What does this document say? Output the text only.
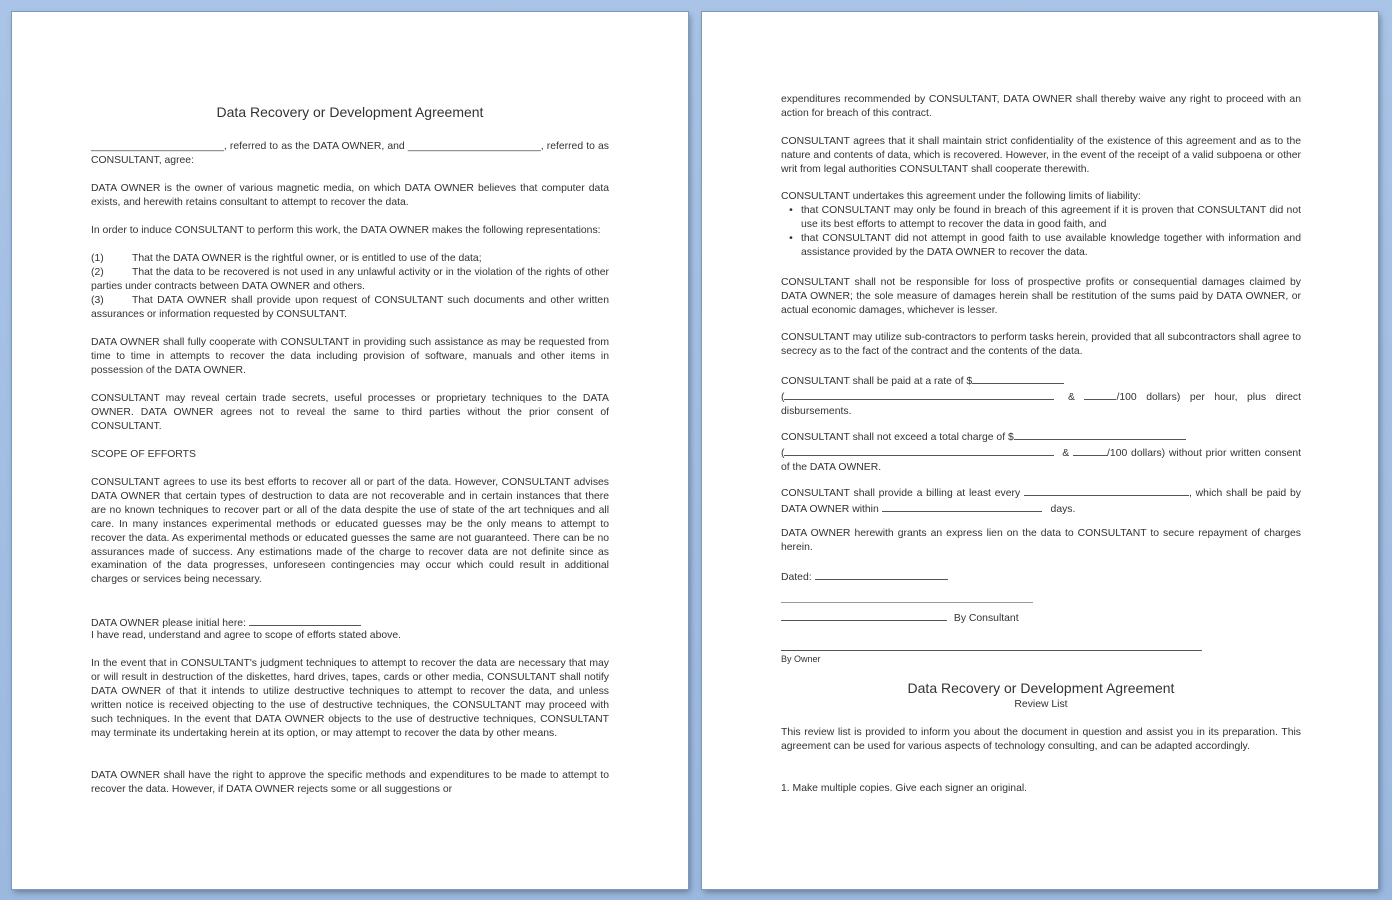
Data Recovery or Development Agreement
_______________________, referred to as the DATA OWNER, and _______________________, referred to as CONSULTANT, agree:
DATA OWNER is the owner of various magnetic media, on which DATA OWNER believes that computer data exists, and herewith retains consultant to attempt to recover the data.
In order to induce CONSULTANT to perform this work, the DATA OWNER makes the following representations:
(1)	That the DATA OWNER is the rightful owner, or is entitled to use of the data;
(2)	That the data to be recovered is not used in any unlawful activity or in the violation of the rights of other parties under contracts between DATA OWNER and others.
(3)	That DATA OWNER shall provide upon request of CONSULTANT such documents and other written assurances or information requested by CONSULTANT.
DATA OWNER shall fully cooperate with CONSULTANT in providing such assistance as may be requested from time to time in attempts to recover the data including provision of software, manuals and other items in possession of the DATA OWNER.
CONSULTANT may reveal certain trade secrets, useful processes or proprietary techniques to the DATA OWNER. DATA OWNER agrees not to reveal the same to third parties without the prior consent of CONSULTANT.
SCOPE OF EFFORTS
CONSULTANT agrees to use its best efforts to recover all or part of the data. However, CONSULTANT advises DATA OWNER that certain types of destruction to data are not recoverable and in certain instances that there are no known techniques to recover part or all of the data despite the use of state of the art techniques and all care. In many instances experimental methods or educated guesses may be the only means to attempt to recover the data. As experimental methods or educated guesses the same are not guaranteed. There can be no assurances made of success. Any estimations made of the charge to recover data are not definite since as examination of the data progresses, unforeseen contingencies may occur which could result in additional charges or services being necessary.
DATA OWNER please initial here:
I have read, understand and agree to scope of efforts stated above.
In the event that in CONSULTANT's judgment techniques to attempt to recover the data are necessary that may or will result in destruction of the diskettes, hard drives, tapes, cards or other media, CONSULTANT shall notify DATA OWNER of that it intends to utilize destructive techniques to attempt to recover the data, and unless written notice is received objecting to the use of destructive techniques, the CONSULTANT may proceed with such techniques. In the event that DATA OWNER objects to the use of destructive techniques, CONSULTANT may terminate its undertaking herein at its option, or may attempt to recover the data by other means.
DATA OWNER shall have the right to approve the specific methods and expenditures to be made to attempt to recover the data. However, if DATA OWNER rejects some or all suggestions or
expenditures recommended by CONSULTANT, DATA OWNER shall thereby waive any right to proceed with an action for breach of this contract.
CONSULTANT agrees that it shall maintain strict confidentiality of the existence of this agreement and as to the nature and contents of data, which is recovered. However, in the event of the receipt of a valid subpoena or other writ from legal authorities CONSULTANT shall cooperate therewith.
CONSULTANT undertakes this agreement under the following limits of liability:
• that CONSULTANT may only be found in breach of this agreement if it is proven that CONSULTANT did not use its best efforts to attempt to recover the data in good faith, and
• that CONSULTANT did not attempt in good faith to use available knowledge together with information and assistance provided by the DATA OWNER to recover the data.
CONSULTANT shall not be responsible for loss of prospective profits or consequential damages claimed by DATA OWNER; the sole measure of damages herein shall be restitution of the sums paid by DATA OWNER, or actual economic damages, whichever is lesser.
CONSULTANT may utilize sub-contractors to perform tasks herein, provided that all subcontractors shall agree to secrecy as to the fact of the contract and the contents of the data.
CONSULTANT shall be paid at a rate of $
(	&	/100 dollars) per hour, plus direct disbursements.
CONSULTANT shall not exceed a total charge of $
(	&	/100 dollars) without prior written consent of the DATA OWNER.
CONSULTANT shall provide a billing at least every	, which shall be paid by DATA OWNER within	days.
DATA OWNER herewith grants an express lien on the data to CONSULTANT to secure repayment of charges herein.
Dated:
By Consultant
By Owner
Data Recovery or Development Agreement
Review List
This review list is provided to inform you about the document in question and assist you in its preparation. This agreement can be used for various aspects of technology consulting, and can be adapted accordingly.
1. Make multiple copies. Give each signer an original.
